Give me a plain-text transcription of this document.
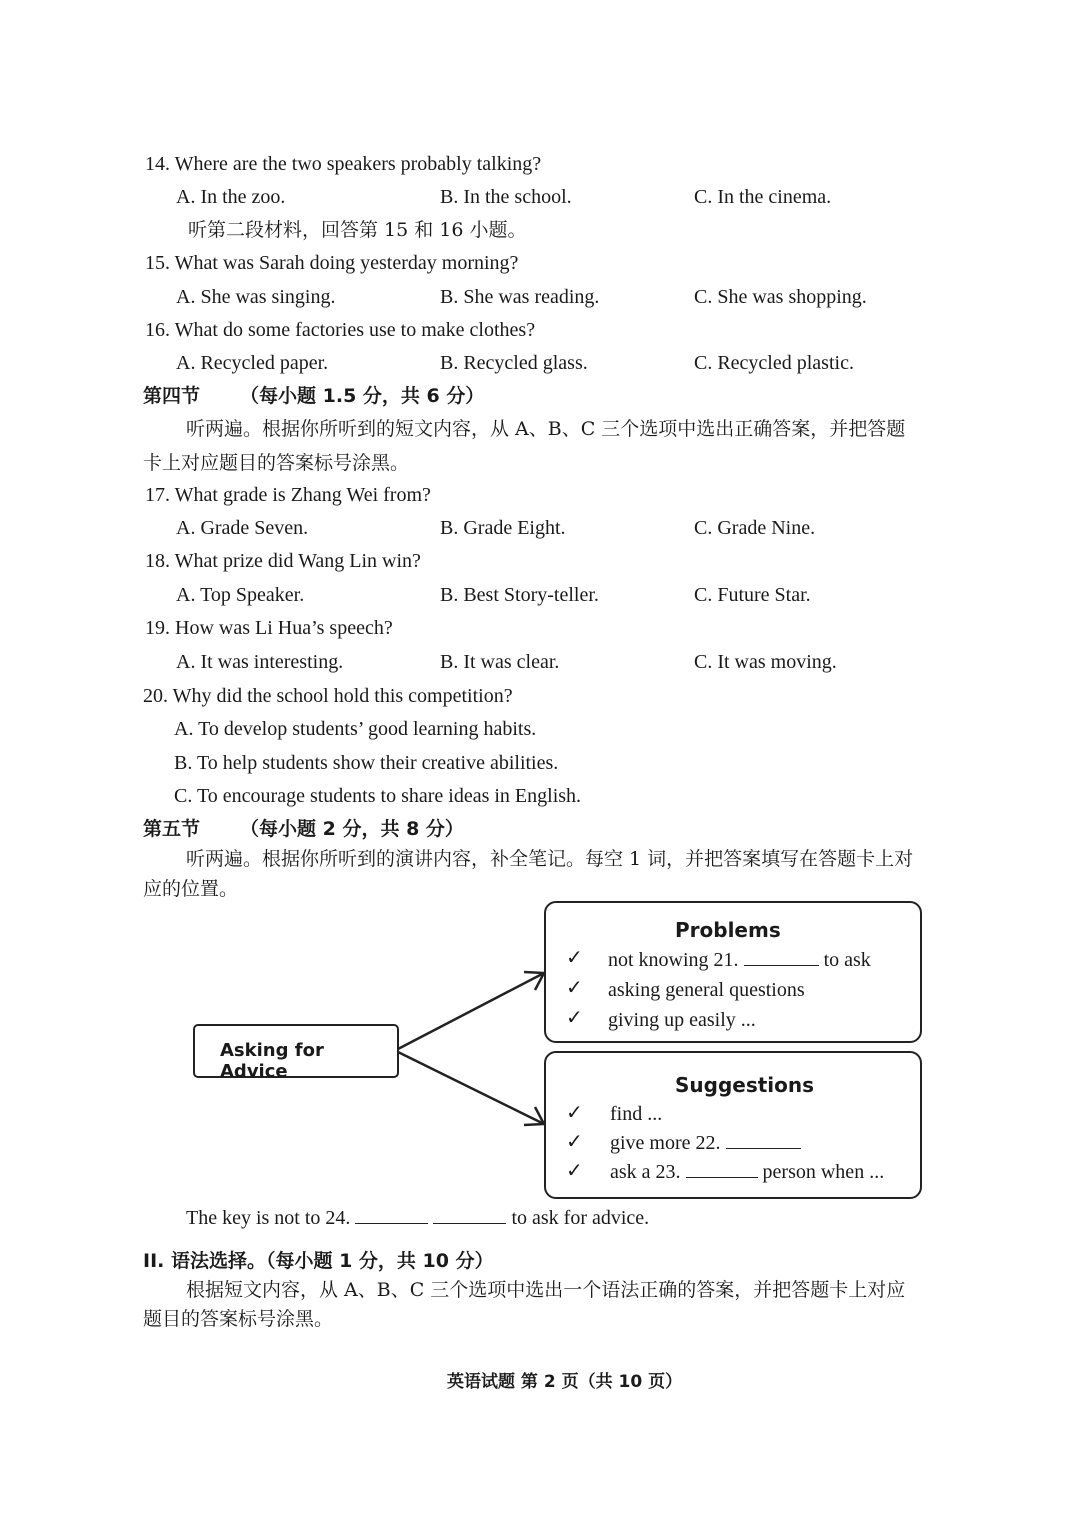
14. Where are the two speakers probably talking?
A. In the zoo.	B. In the school.	C. In the cinema.
听第二段材料，回答第 15 和 16 小题。
15. What was Sarah doing yesterday morning?
A. She was singing.	B. She was reading.	C. She was shopping.
16. What do some factories use to make clothes?
A. Recycled paper.	B. Recycled glass.	C. Recycled plastic.
第四节 （每小题 1.5 分，共 6 分）
听两遍。根据你所听到的短文内容，从 A、B、C 三个选项中选出正确答案，并把答题
卡上对应题目的答案标号涂黑。
17. What grade is Zhang Wei from?
A. Grade Seven.	B. Grade Eight.	C. Grade Nine.
18. What prize did Wang Lin win?
A. Top Speaker.	B. Best Story-teller.	C. Future Star.
19. How was Li Hua’s speech?
A. It was interesting.	B. It was clear.	C. It was moving.
20. Why did the school hold this competition?
A. To develop students’ good learning habits.
B. To help students show their creative abilities.
C. To encourage students to share ideas in English.
第五节 （每小题 2 分，共 8 分）
听两遍。根据你所听到的演讲内容，补全笔记。每空 1 词，并把答案填写在答题卡上对
应的位置。
Asking for Advice
Problems
✓ not knowing 21.	to ask
✓ asking general questions
✓ giving up easily ...
Suggestions
✓ find ...
✓ give more 22.
✓ ask a 23.	person when ...
The key is not to 24.	to ask for advice.
II. 语法选择。（每小题 1 分，共 10 分）
根据短文内容，从 A、B、C 三个选项中选出一个语法正确的答案，并把答题卡上对应
题目的答案标号涂黑。
英语试题 第 2 页（共 10 页）
